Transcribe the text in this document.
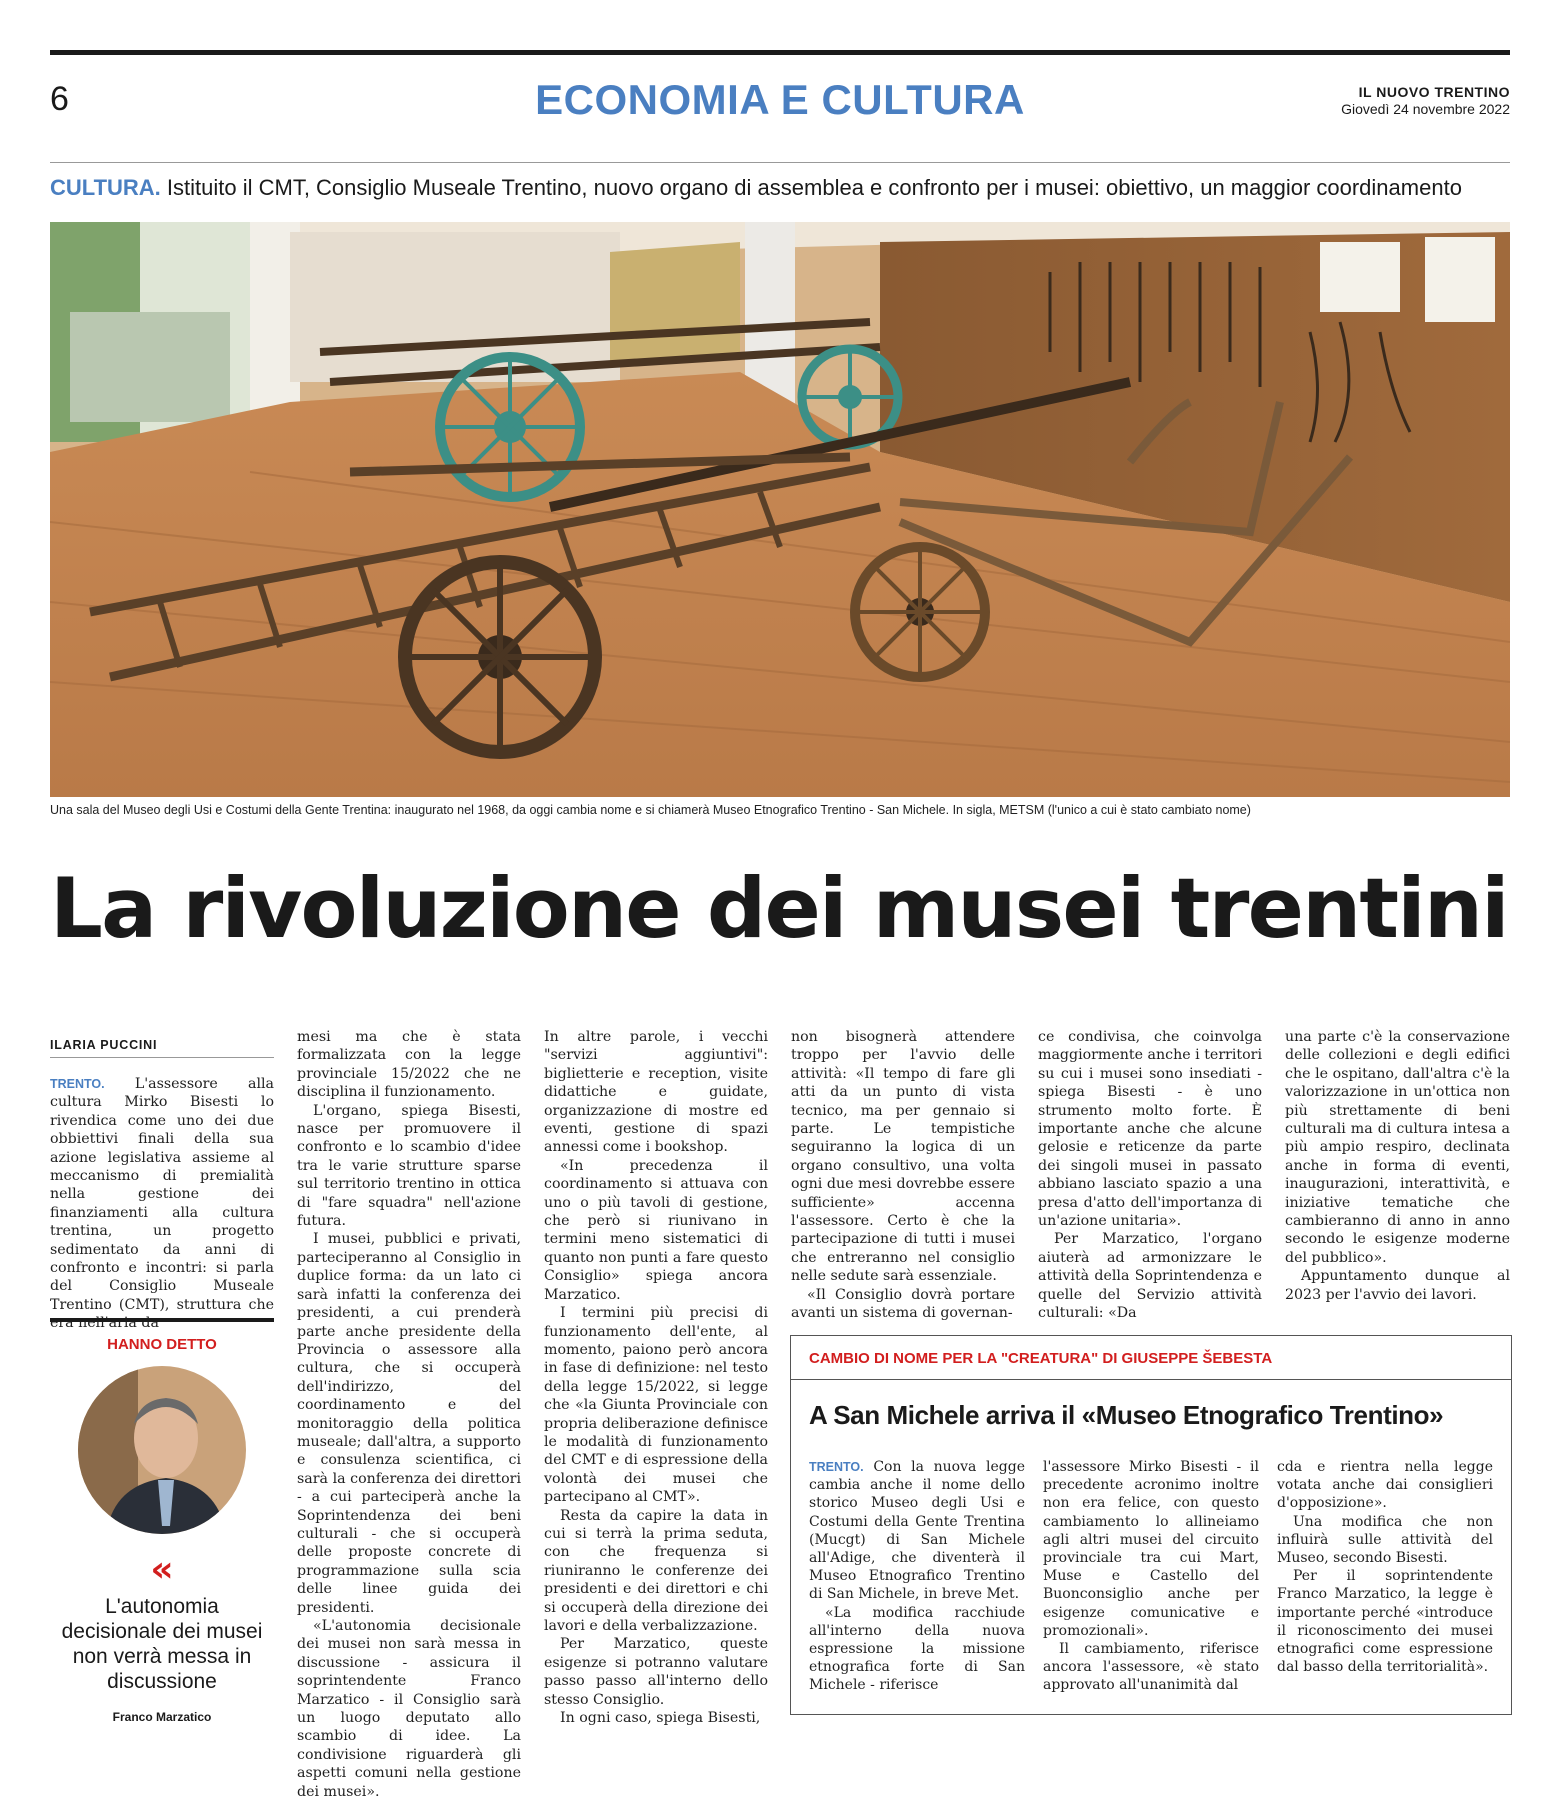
6	ECONOMIA E CULTURA	IL NUOVO TRENTINO
Giovedì 24 novembre 2022
CULTURA. Istituito il CMT, Consiglio Museale Trentino, nuovo organo di assemblea e confronto per i musei: obiettivo, un maggior coordinamento
Una sala del Museo degli Usi e Costumi della Gente Trentina: inaugurato nel 1968, da oggi cambia nome e si chiamerà Museo Etnografico Trentino - San Michele. In sigla, METSM (l'unico a cui è stato cambiato nome)
La rivoluzione dei musei trentini
ILARIA PUCCINI

TRENTO. L'assessore alla cultura Mirko Bisesti lo rivendica come uno dei due obbiettivi finali della sua azione legislativa assieme al meccanismo di premialità nella gestione dei finanziamenti alla cultura trentina, un progetto sedimentato da anni di confronto e incontri: si parla del Consiglio Museale Trentino (CMT), struttura che era nell'aria da

mesi ma che è stata formalizzata con la legge provinciale 15/2022 che ne disciplina il funzionamento.

L'organo, spiega Bisesti, nasce per promuovere il confronto e lo scambio d'idee tra le varie strutture sparse sul territorio trentino in ottica di "fare squadra" nell'azione futura.

I musei, pubblici e privati, parteciperanno al Consiglio in duplice forma: da un lato ci sarà infatti la conferenza dei presidenti, a cui prenderà parte anche presidente della Provincia o assessore alla cultura, che si occuperà dell'indirizzo, del coordinamento e del monitoraggio della politica museale; dall'altra, a supporto e consulenza scientifica, ci sarà la conferenza dei direttori - a cui parteciperà anche la Soprintendenza dei beni culturali - che si occuperà delle proposte concrete di programmazione sulla scia delle linee guida dei presidenti.

«L'autonomia decisionale dei musei non sarà messa in discussione - assicura il soprintendente Franco Marzatico - il Consiglio sarà un luogo deputato allo scambio di idee. La condivisione riguarderà gli aspetti comuni nella gestione dei musei».

In altre parole, i vecchi "servizi aggiuntivi": biglietterie e reception, visite didattiche e guidate, organizzazione di mostre ed eventi, gestione di spazi annessi come i bookshop.

«In precedenza il coordinamento si attuava con uno o più tavoli di gestione, che però si riunivano in termini meno sistematici di quanto non punti a fare questo Consiglio» spiega ancora Marzatico.

I termini più precisi di funzionamento dell'ente, al momento, paiono però ancora in fase di definizione: nel testo della legge 15/2022, si legge che «la Giunta Provinciale con propria deliberazione definisce le modalità di funzionamento del CMT e di espressione della volontà dei musei che partecipano al CMT».

Resta da capire la data in cui si terrà la prima seduta, con che frequenza si riuniranno le conferenze dei presidenti e dei direttori e chi si occuperà della direzione dei lavori e della verbalizzazione.

Per Marzatico, queste esigenze si potranno valutare passo passo all'interno dello stesso Consiglio.

In ogni caso, spiega Bisesti,

non bisognerà attendere troppo per l'avvio delle attività: «Il tempo di fare gli atti da un punto di vista tecnico, ma per gennaio si parte. Le tempistiche seguiranno la logica di un organo consultivo, una volta ogni due mesi dovrebbe essere sufficiente» accenna l'assessore. Certo è che la partecipazione di tutti i musei che entreranno nel consiglio nelle sedute sarà essenziale.

«Il Consiglio dovrà portare avanti un sistema di governan-

ce condivisa, che coinvolga maggiormente anche i territori su cui i musei sono insediati - spiega Bisesti - è uno strumento molto forte. È importante anche che alcune gelosie e reticenze da parte dei singoli musei in passato abbiano lasciato spazio a una presa d'atto dell'importanza di un'azione unitaria».

Per Marzatico, l'organo aiuterà ad armonizzare le attività della Soprintendenza e quelle del Servizio attività culturali: «Da

una parte c'è la conservazione delle collezioni e degli edifici che le ospitano, dall'altra c'è la valorizzazione in un'ottica non più strettamente di beni culturali ma di cultura intesa a più ampio respiro, declinata anche in forma di eventi, inaugurazioni, interattività, e iniziative tematiche che cambieranno di anno in anno secondo le esigenze moderne del pubblico».

Appuntamento dunque al 2023 per l'avvio dei lavori.

HANNO DETTO
«
L'autonomia decisionale dei musei non verrà messa in discussione
Franco Marzatico
CAMBIO DI NOME PER LA "CREATURA" DI GIUSEPPE ŠEBESTA
A San Michele arriva il «Museo Etnografico Trentino»

TRENTO. Con la nuova legge cambia anche il nome dello storico Museo degli Usi e Costumi della Gente Trentina (Mucgt) di San Michele all'Adige, che diventerà il Museo Etnografico Trentino di San Michele, in breve Met.

«La modifica racchiude all'interno della nuova espressione la missione etnografica forte di San Michele - riferisce

l'assessore Mirko Bisesti - il precedente acronimo inoltre non era felice, con questo cambiamento lo allineiamo agli altri musei del circuito provinciale tra cui Mart, Muse e Castello del Buonconsiglio anche per esigenze comunicative e promozionali».

Il cambiamento, riferisce ancora l'assessore, «è stato approvato all'unanimità dal

cda e rientra nella legge votata anche dai consiglieri d'opposizione».

Una modifica che non influirà sulle attività del Museo, secondo Bisesti.

Per il soprintendente Franco Marzatico, la legge è importante perché «introduce il riconoscimento dei musei etnografici come espressione dal basso della territorialità».
